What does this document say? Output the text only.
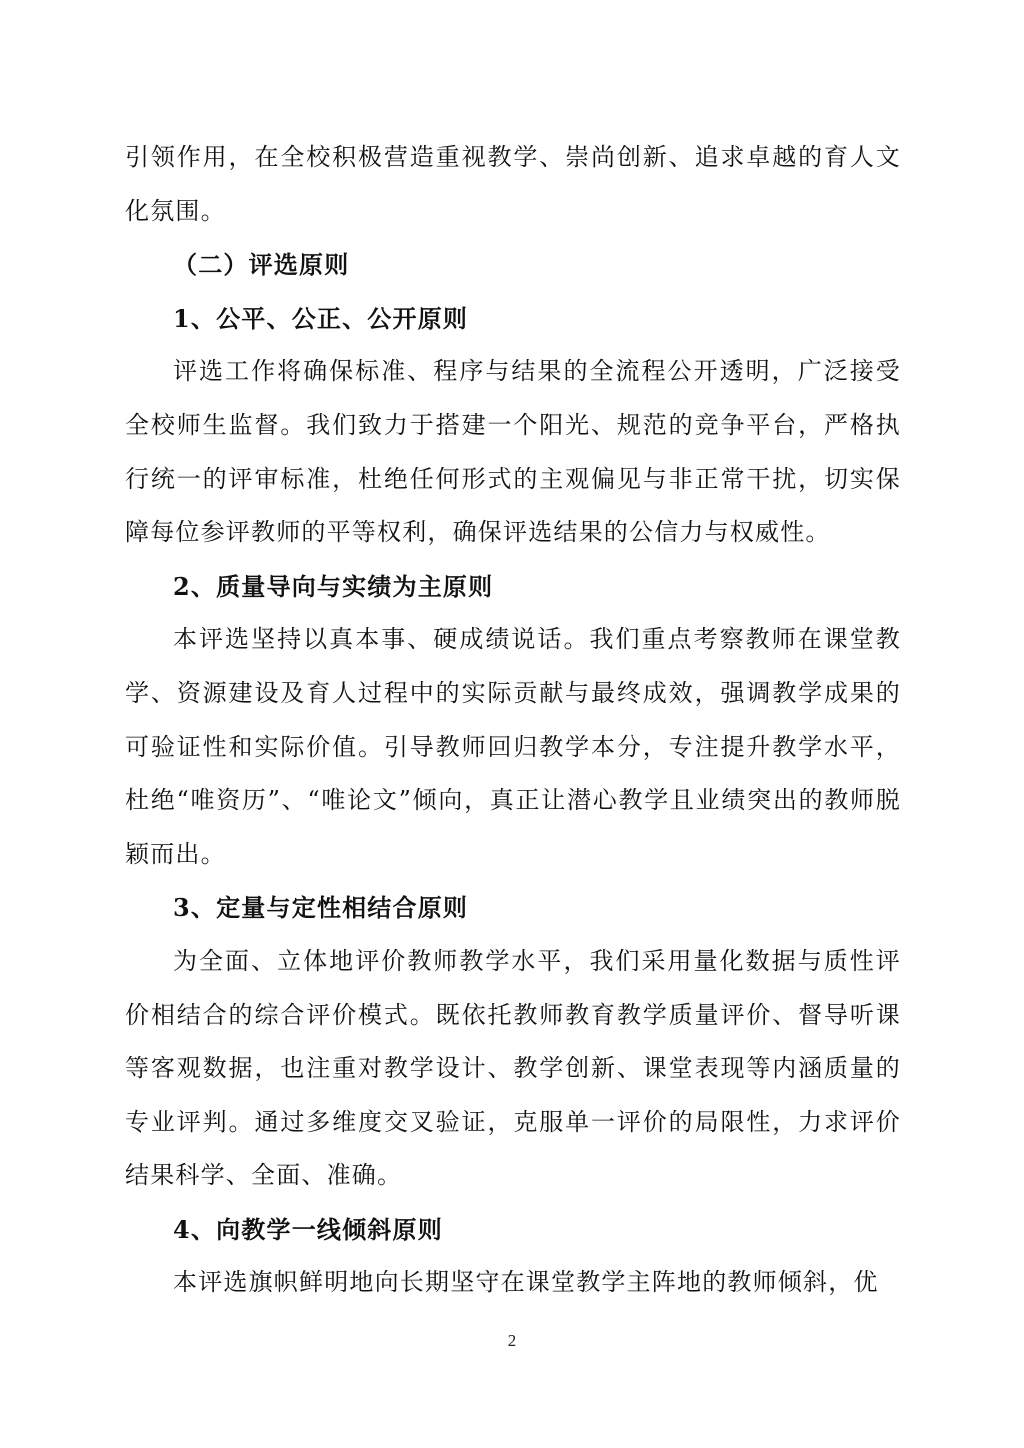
引领作用，在全校积极营造重视教学、崇尚创新、追求卓越的育人文化氛围。

（二）评选原则

1、公平、公正、公开原则

评选工作将确保标准、程序与结果的全流程公开透明，广泛接受全校师生监督。我们致力于搭建一个阳光、规范的竞争平台，严格执行统一的评审标准，杜绝任何形式的主观偏见与非正常干扰，切实保障每位参评教师的平等权利，确保评选结果的公信力与权威性。

2、质量导向与实绩为主原则

本评选坚持以真本事、硬成绩说话。我们重点考察教师在课堂教学、资源建设及育人过程中的实际贡献与最终成效，强调教学成果的可验证性和实际价值。引导教师回归教学本分，专注提升教学水平，杜绝“唯资历”、“唯论文”倾向，真正让潜心教学且业绩突出的教师脱颖而出。

3、定量与定性相结合原则

为全面、立体地评价教师教学水平，我们采用量化数据与质性评价相结合的综合评价模式。既依托教师教育教学质量评价、督导听课等客观数据，也注重对教学设计、教学创新、课堂表现等内涵质量的专业评判。通过多维度交叉验证，克服单一评价的局限性，力求评价结果科学、全面、准确。

4、向教学一线倾斜原则

本评选旗帜鲜明地向长期坚守在课堂教学主阵地的教师倾斜，优

2
